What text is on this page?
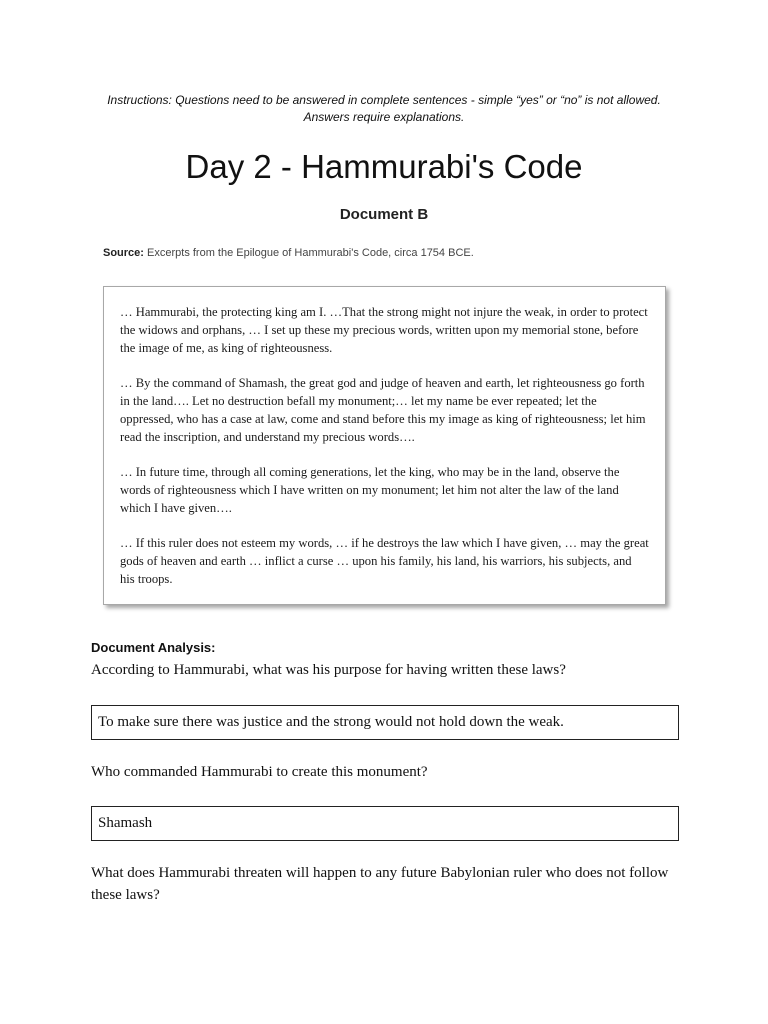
Instructions: Questions need to be answered in complete sentences - simple “yes” or “no” is not allowed.
Answers require explanations.
Day 2 - Hammurabi's Code
Document B
Source: Excerpts from the Epilogue of Hammurabi's Code, circa 1754 BCE.

… Hammurabi, the protecting king am I. …That the strong might not injure the weak, in order to protect the widows and orphans, … I set up these my precious words, written upon my memorial stone, before the image of me, as king of righteousness.

… By the command of Shamash, the great god and judge of heaven and earth, let righteousness go forth in the land…. Let no destruction befall my monument;… let my name be ever repeated; let the oppressed, who has a case at law, come and stand before this my image as king of righteousness; let him read the inscription, and understand my precious words….

… In future time, through all coming generations, let the king, who may be in the land, observe the words of righteousness which I have written on my monument; let him not alter the law of the land which I have given….

… If this ruler does not esteem my words, … if he destroys the law which I have given, … may the great gods of heaven and earth … inflict a curse … upon his family, his land, his warriors, his subjects, and his troops.

Document Analysis:
According to Hammurabi, what was his purpose for having written these laws?
To make sure there was justice and the strong would not hold down the weak.
Who commanded Hammurabi to create this monument?
Shamash
What does Hammurabi threaten will happen to any future Babylonian ruler who does not follow these laws?
